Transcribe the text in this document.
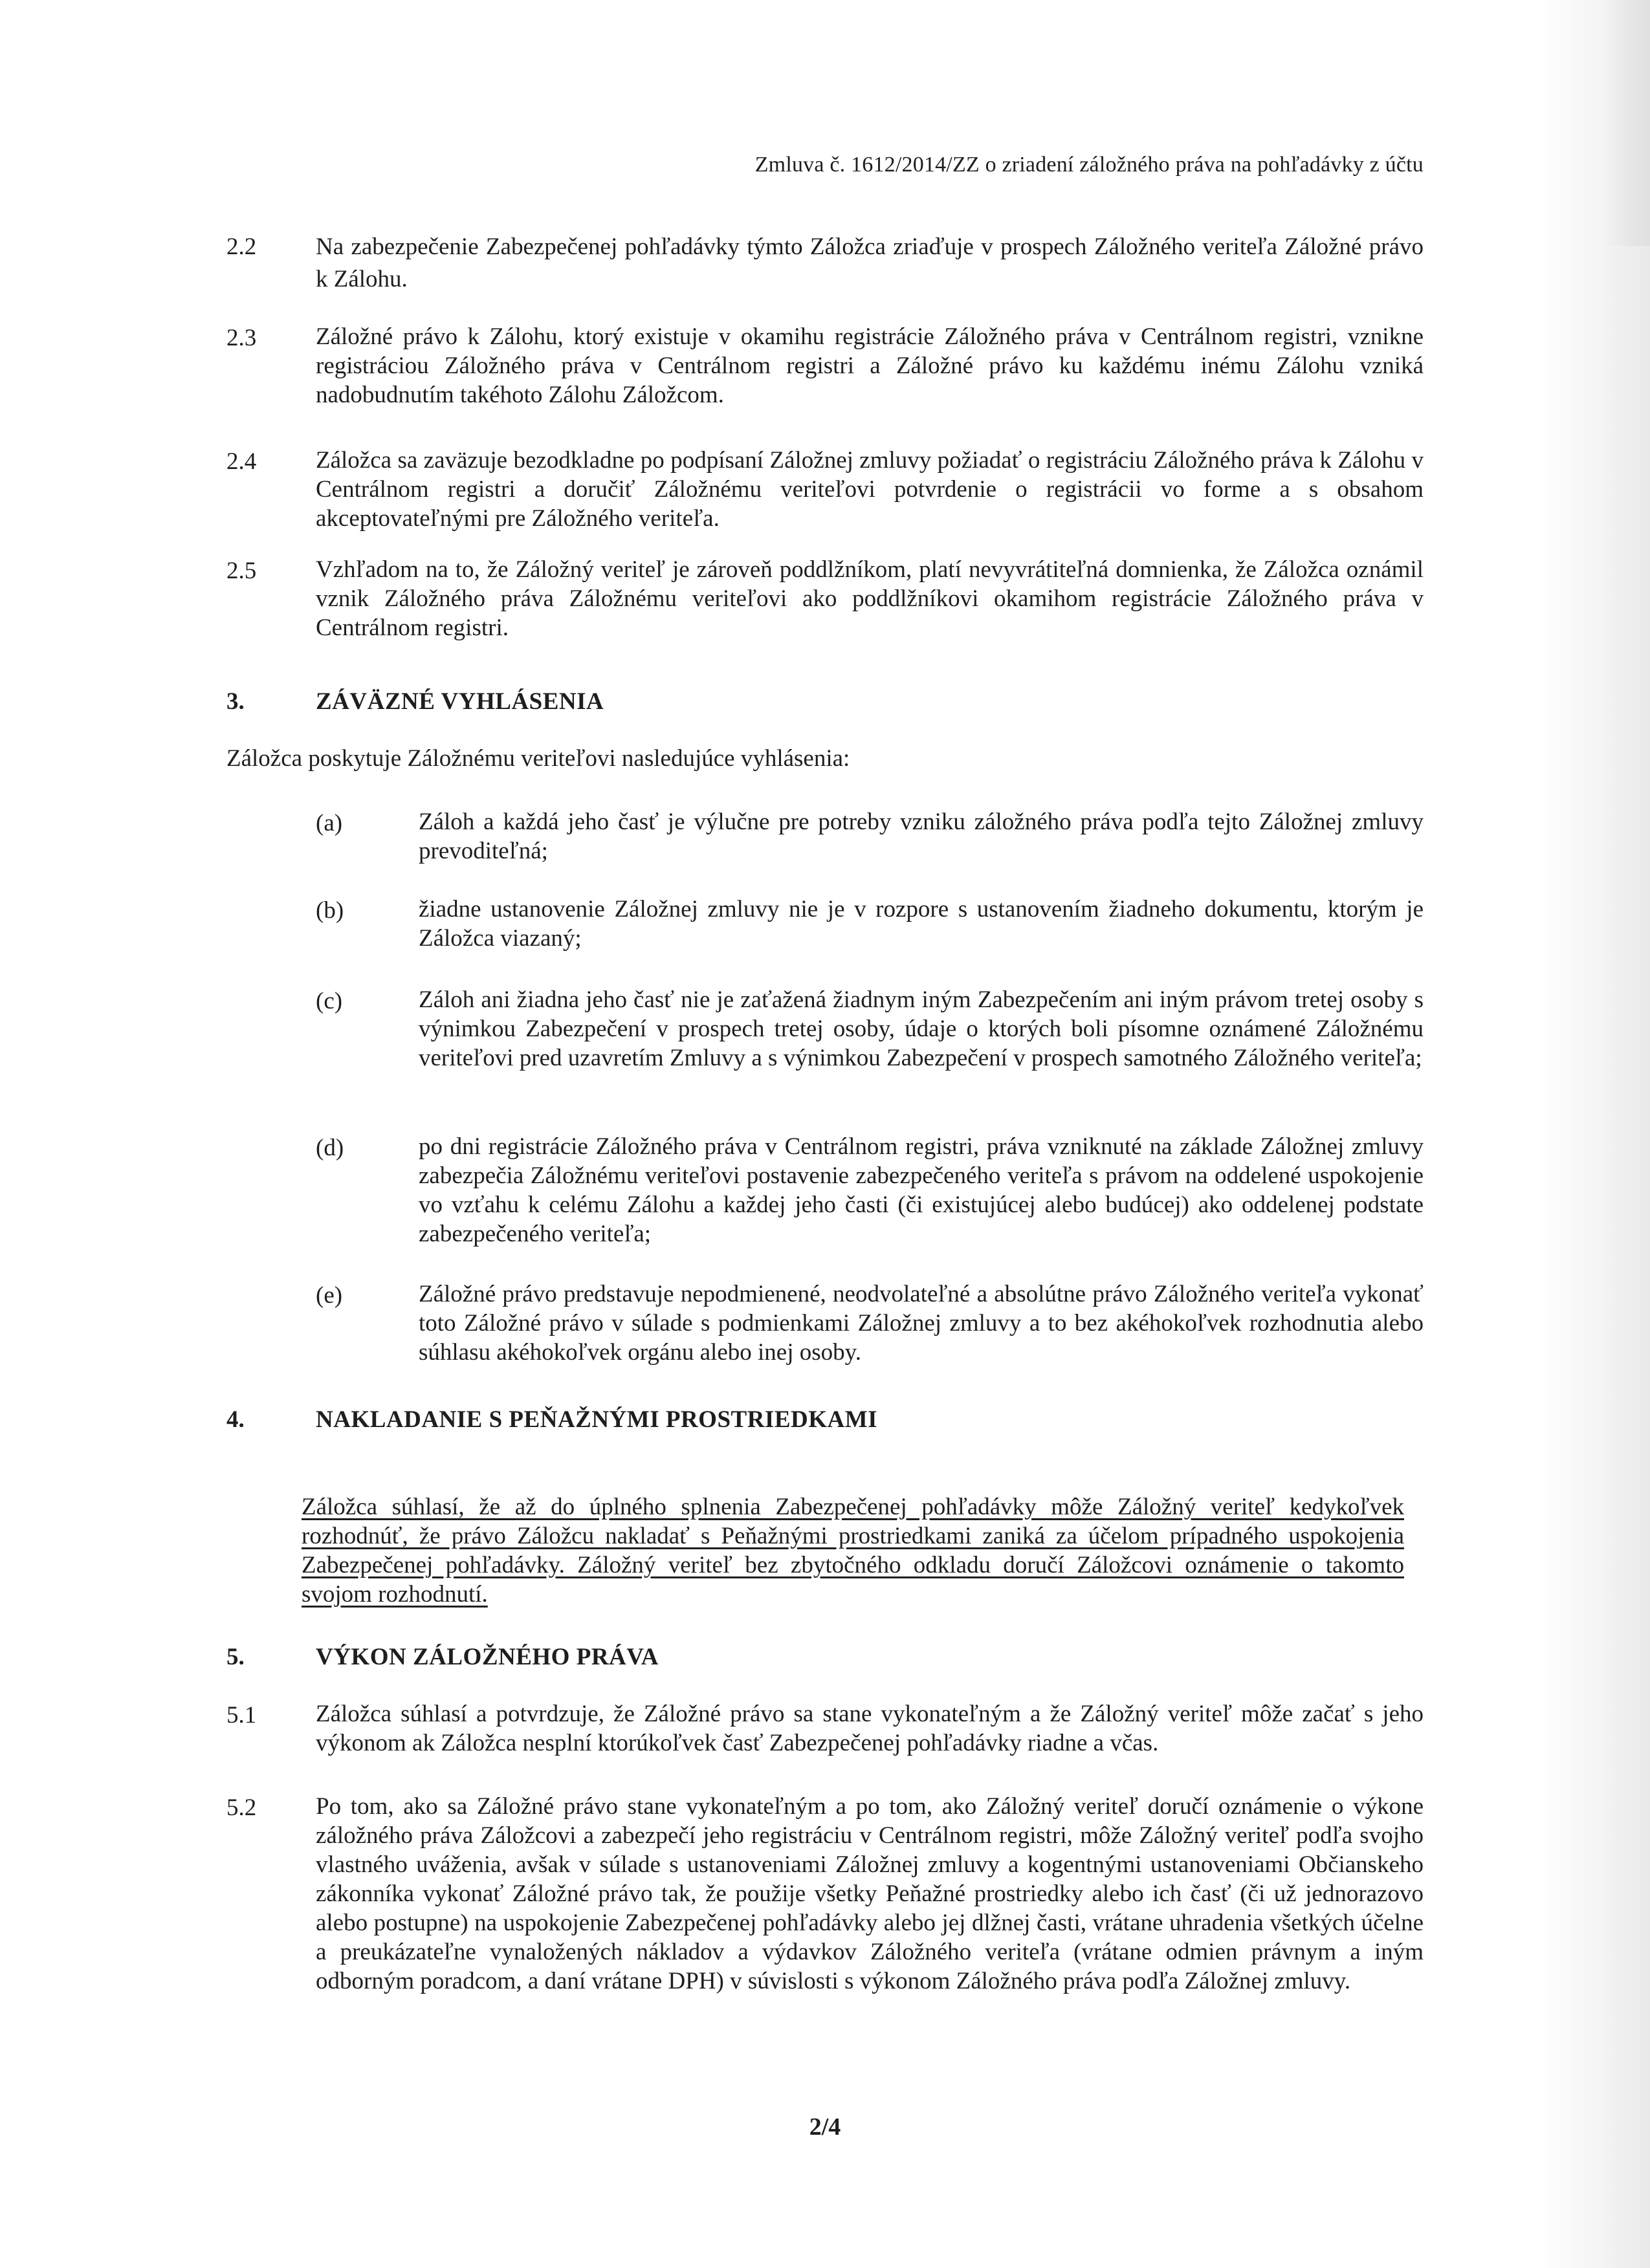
Zmluva č. 1612/2014/ZZ o zriadení záložného práva na pohľadávky z účtu
2.2 Na zabezpečenie Zabezpečenej pohľadávky týmto Záložca zriaďuje v prospech Záložného veriteľa Záložné právo k Zálohu.
2.3 Záložné právo k Zálohu, ktorý existuje v okamihu registrácie Záložného práva v Centrálnom registri, vznikne registráciou Záložného práva v Centrálnom registri a Záložné právo ku každému inému Zálohu vzniká nadobudnutím takéhoto Zálohu Záložcom.
2.4 Záložca sa zaväzuje bezodkladne po podpísaní Záložnej zmluvy požiadať o registráciu Záložného práva k Zálohu v Centrálnom registri a doručiť Záložnému veriteľovi potvrdenie o registrácii vo forme a s obsahom akceptovateľnými pre Záložného veriteľa.
2.5 Vzhľadom na to, že Záložný veriteľ je zároveň poddlžníkom, platí nevyvrátiteľná domnienka, že Záložca oznámil vznik Záložného práva Záložnému veriteľovi ako poddlžníkovi okamihom registrácie Záložného práva v Centrálnom registri.
3.	ZÁVÄZNÉ VYHLÁSENIA
Záložca poskytuje Záložnému veriteľovi nasledujúce vyhlásenia:
(a)	Záloh a každá jeho časť je výlučne pre potreby vzniku záložného práva podľa tejto Záložnej zmluvy prevoditeľná;
(b)	žiadne ustanovenie Záložnej zmluvy nie je v rozpore s ustanovením žiadneho dokumentu, ktorým je Záložca viazaný;
(c)	Záloh ani žiadna jeho časť nie je zaťažená žiadnym iným Zabezpečením ani iným právom tretej osoby s výnimkou Zabezpečení v prospech tretej osoby, údaje o ktorých boli písomne oznámené Záložnému veriteľovi pred uzavretím Zmluvy a s výnimkou Zabezpečení v prospech samotného Záložného veriteľa;
(d)	po dni registrácie Záložného práva v Centrálnom registri, práva vzniknuté na základe Záložnej zmluvy zabezpečia Záložnému veriteľovi postavenie zabezpečeného veriteľa s právom na oddelené uspokojenie vo vzťahu k celému Zálohu a každej jeho časti (či existujúcej alebo budúcej) ako oddelenej podstate zabezpečeného veriteľa;
(e)	Záložné právo predstavuje nepodmienené, neodvolateľné a absolútne právo Záložného veriteľa vykonať toto Záložné právo v súlade s podmienkami Záložnej zmluvy a to bez akéhokoľvek rozhodnutia alebo súhlasu akéhokoľvek orgánu alebo inej osoby.
4.	NAKLADANIE S PEŇAŽNÝMI PROSTRIEDKAMI
Záložca súhlasí, že až do úplného splnenia Zabezpečenej pohľadávky môže Záložný veriteľ kedykoľvek rozhodnúť, že právo Záložcu nakladať s Peňažnými prostriedkami zaniká za účelom prípadného uspokojenia Zabezpečenej pohľadávky. Záložný veriteľ bez zbytočného odkladu doručí Záložcovi oznámenie o takomto svojom rozhodnutí.
5.	VÝKON ZÁLOŽNÉHO PRÁVA
5.1 Záložca súhlasí a potvrdzuje, že Záložné právo sa stane vykonateľným a že Záložný veriteľ môže začať s jeho výkonom ak Záložca nesplní ktorúkoľvek časť Zabezpečenej pohľadávky riadne a včas.
5.2 Po tom, ako sa Záložné právo stane vykonateľným a po tom, ako Záložný veriteľ doručí oznámenie o výkone záložného práva Záložcovi a zabezpečí jeho registráciu v Centrálnom registri, môže Záložný veriteľ podľa svojho vlastného uváženia, avšak v súlade s ustanoveniami Záložnej zmluvy a kogentnými ustanoveniami Občianskeho zákonníka vykonať Záložné právo tak, že použije všetky Peňažné prostriedky alebo ich časť (či už jednorazovo alebo postupne) na uspokojenie Zabezpečenej pohľadávky alebo jej dlžnej časti, vrátane uhradenia všetkých účelne a preukázateľne vynaložených nákladov a výdavkov Záložného veriteľa (vrátane odmien právnym a iným odborným poradcom, a daní vrátane DPH) v súvislosti s výkonom Záložného práva podľa Záložnej zmluvy.
2/4
